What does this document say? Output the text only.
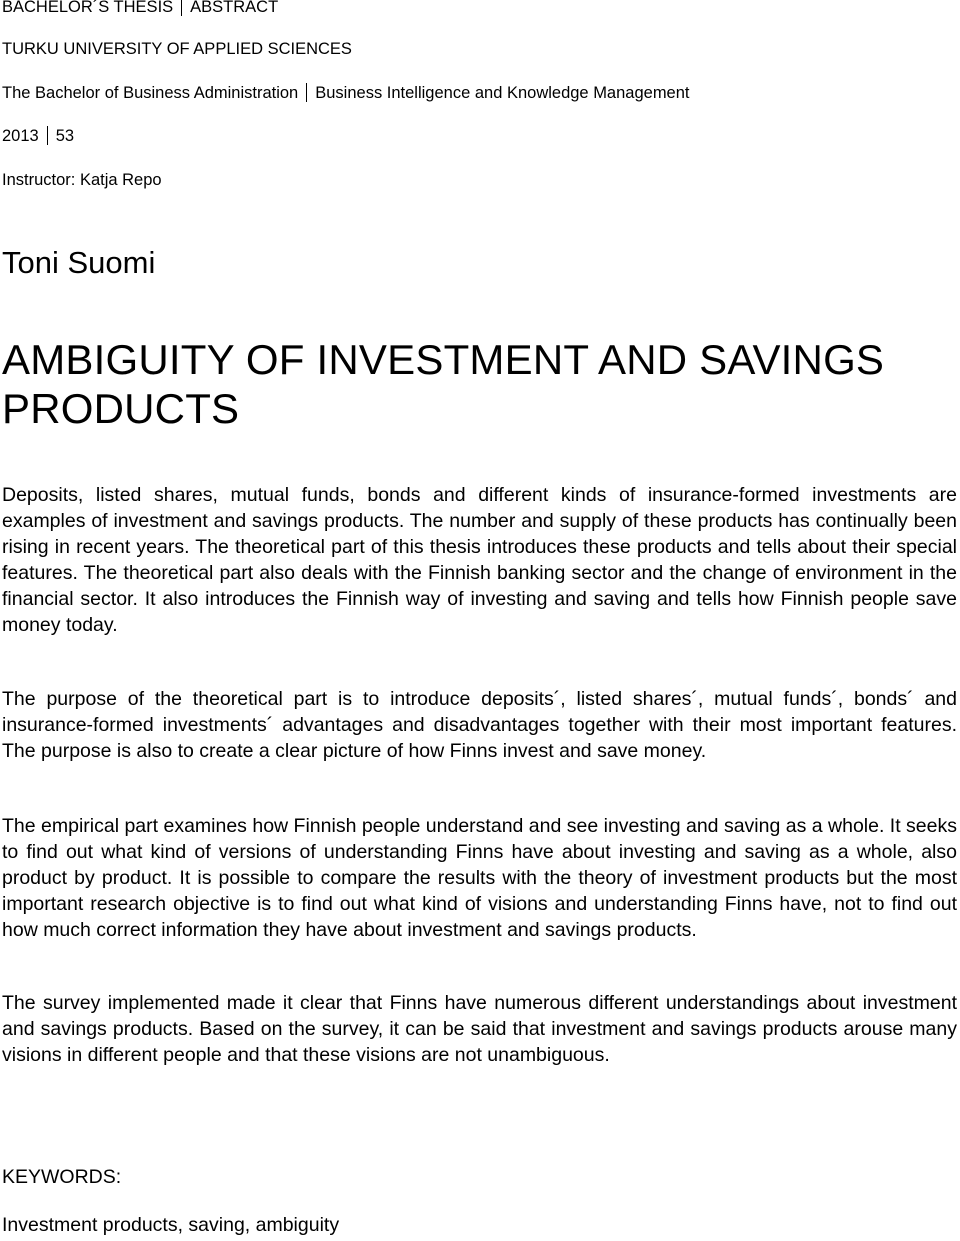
BACHELOR´S THESIS ABSTRACT
TURKU UNIVERSITY OF APPLIED SCIENCES
The Bachelor of Business Administration Business Intelligence and Knowledge Management
2013 53
Instructor: Katja Repo
Toni Suomi
AMBIGUITY OF INVESTMENT AND SAVINGS PRODUCTS

Deposits, listed shares, mutual funds, bonds and different kinds of insurance-formed investments are examples of investment and savings products. The number and supply of these products has continually been rising in recent years. The theoretical part of this thesis introduces these products and tells about their special features. The theoretical part also deals with the Finnish banking sector and the change of environment in the financial sector. It also introduces the Finnish way of investing and saving and tells how Finnish people save money today.

The purpose of the theoretical part is to introduce deposits´, listed shares´, mutual funds´, bonds´ and insurance-formed investments´ advantages and disadvantages together with their most important features. The purpose is also to create a clear picture of how Finns invest and save money.

The empirical part examines how Finnish people understand and see investing and saving as a whole. It seeks to find out what kind of versions of understanding Finns have about investing and saving as a whole, also product by product. It is possible to compare the results with the theory of investment products but the most important research objective is to find out what kind of visions and understanding Finns have, not to find out how much correct information they have about investment and savings products.

The survey implemented made it clear that Finns have numerous different understandings about investment and savings products. Based on the survey, it can be said that investment and savings products arouse many visions in different people and that these visions are not unambiguous.

KEYWORDS:
Investment products, saving, ambiguity
